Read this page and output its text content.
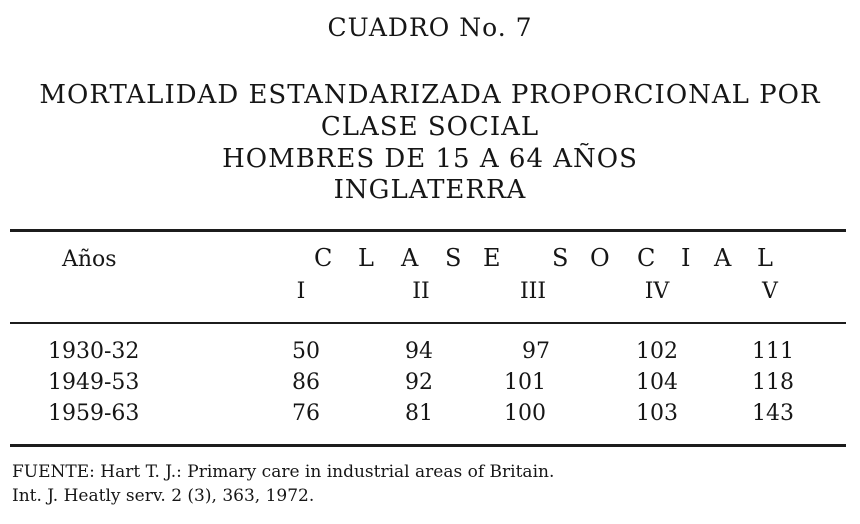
CUADRO No. 7
MORTALIDAD ESTANDARIZADA PROPORCIONAL POR
CLASE SOCIAL
HOMBRES DE 15 A 64 AÑOS
INGLATERRA
Años	C L A S E S O C I A L
I	II	III	IV	V
1930-32	50	94	97	102	111
1949-53	86	92	101	104	118
1959-63	76	81	100	103	143
FUENTE: Hart T. J.: Primary care in industrial areas of Britain.
Int. J. Heatly serv. 2 (3), 363, 1972.
